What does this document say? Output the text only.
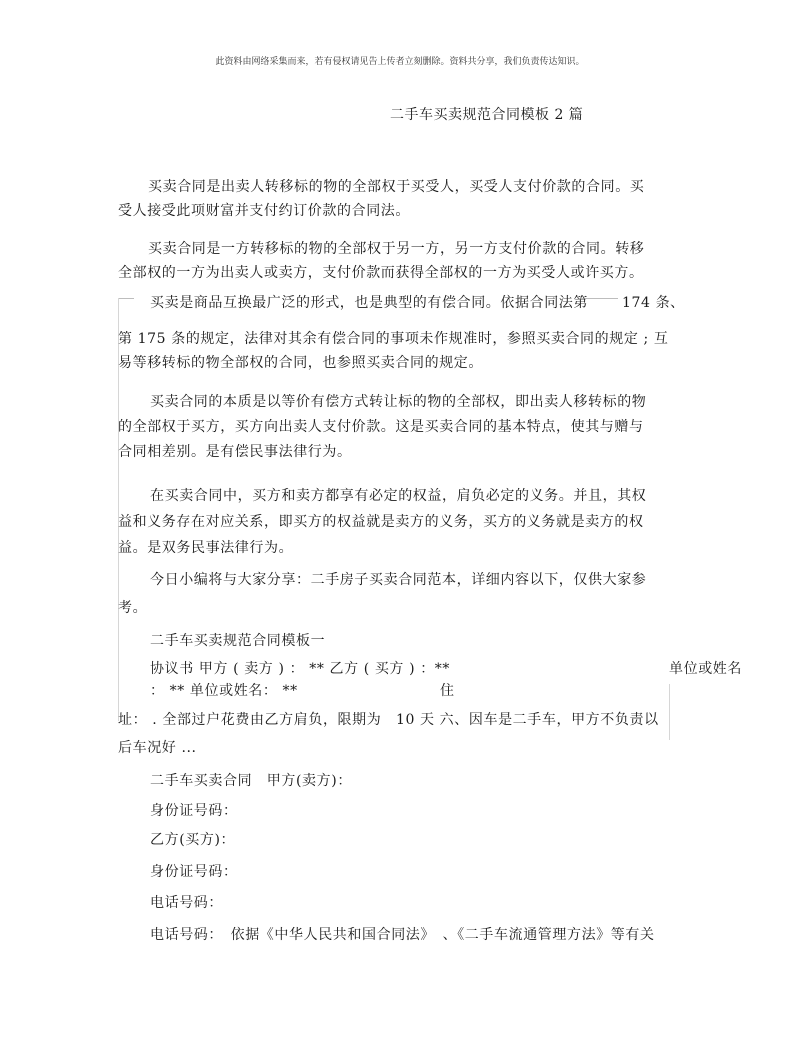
此资料由网络采集而来，若有侵权请见告上传者立刻删除。资料共分享，我们负责传达知识。
二手车买卖规范合同模板 2 篇
买卖合同是出卖人转移标的物的全部权于买受人，买受人支付价款的合同。买
受人接受此项财富并支付约订价款的合同法。
买卖合同是一方转移标的物的全部权于另一方，另一方支付价款的合同。转移
全部权的一方为出卖人或卖方，支付价款而获得全部权的一方为买受人或许买方。
买卖是商品互换最广泛的形式，也是典型的有偿合同。依据合同法第 174 条、
第 175 条的规定，法律对其余有偿合同的事项未作规准时，参照买卖合同的规定 ; 互
易等移转标的物全部权的合同，也参照买卖合同的规定。
买卖合同的本质是以等价有偿方式转让标的物的全部权，即出卖人移转标的物
的全部权于买方，买方向出卖人支付价款。这是买卖合同的基本特点，使其与赠与
合同相差别。是有偿民事法律行为。
在买卖合同中，买方和卖方都享有必定的权益，肩负必定的义务。并且，其权
益和义务存在对应关系，即买方的权益就是卖方的义务，买方的义务就是卖方的权
益。是双务民事法律行为。
今日小编将与大家分享：二手房子买卖合同范本，详细内容以下，仅供大家参
考。
二手车买卖规范合同模板一
协议书 甲方 ( 卖方 ) ： ** 乙方 ( 买方 ) ：**	单位或姓名
： ** 单位或姓名： **	住
址： . 全部过户花费由乙方肩负，限期为　10 天 六、因车是二手车，甲方不负责以
后车况好 ...
二手车买卖合同　甲方(卖方)：
身份证号码：
乙方(买方)：
身份证号码：
电话号码：
电话号码：　依据《中华人民共和国合同法》　、《二手车流通管理方法》等有关
